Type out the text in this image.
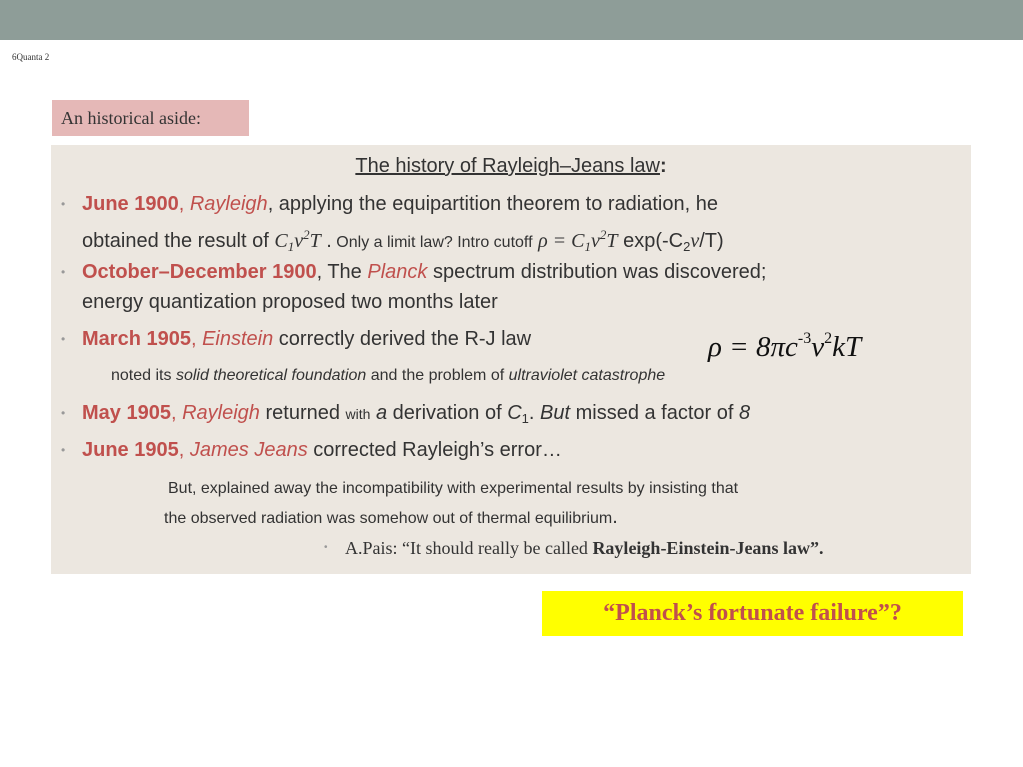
6Quanta 2
An historical aside:
The history of Rayleigh–Jeans law:
• June 1900, Rayleigh, applying the equipartition theorem to radiation, he
obtained the result of $C_1\nu^2T$ . Only a limit law? Intro cutoff $\rho = C_1\nu^2T$ $\exp(-C_2\nu/T)$
• October–December 1900, The Planck spectrum distribution was discovered;
energy quantization proposed two months later
• March 1905, Einstein correctly derived the R-J law	$\rho = 8\pi c^{-3}\nu^2kT$
noted its solid theoretical foundation and the problem of ultraviolet catastrophe
• May 1905, Rayleigh returned with a derivation of $C_1$. But missed a factor of 8
• June 1905, James Jeans corrected Rayleigh’s error…
But, explained away the incompatibility with experimental results by insisting that
the observed radiation was somehow out of thermal equilibrium.
• A.Pais: “It should really be called Rayleigh-Einstein-Jeans law”.
“Planck’s fortunate failure”?
